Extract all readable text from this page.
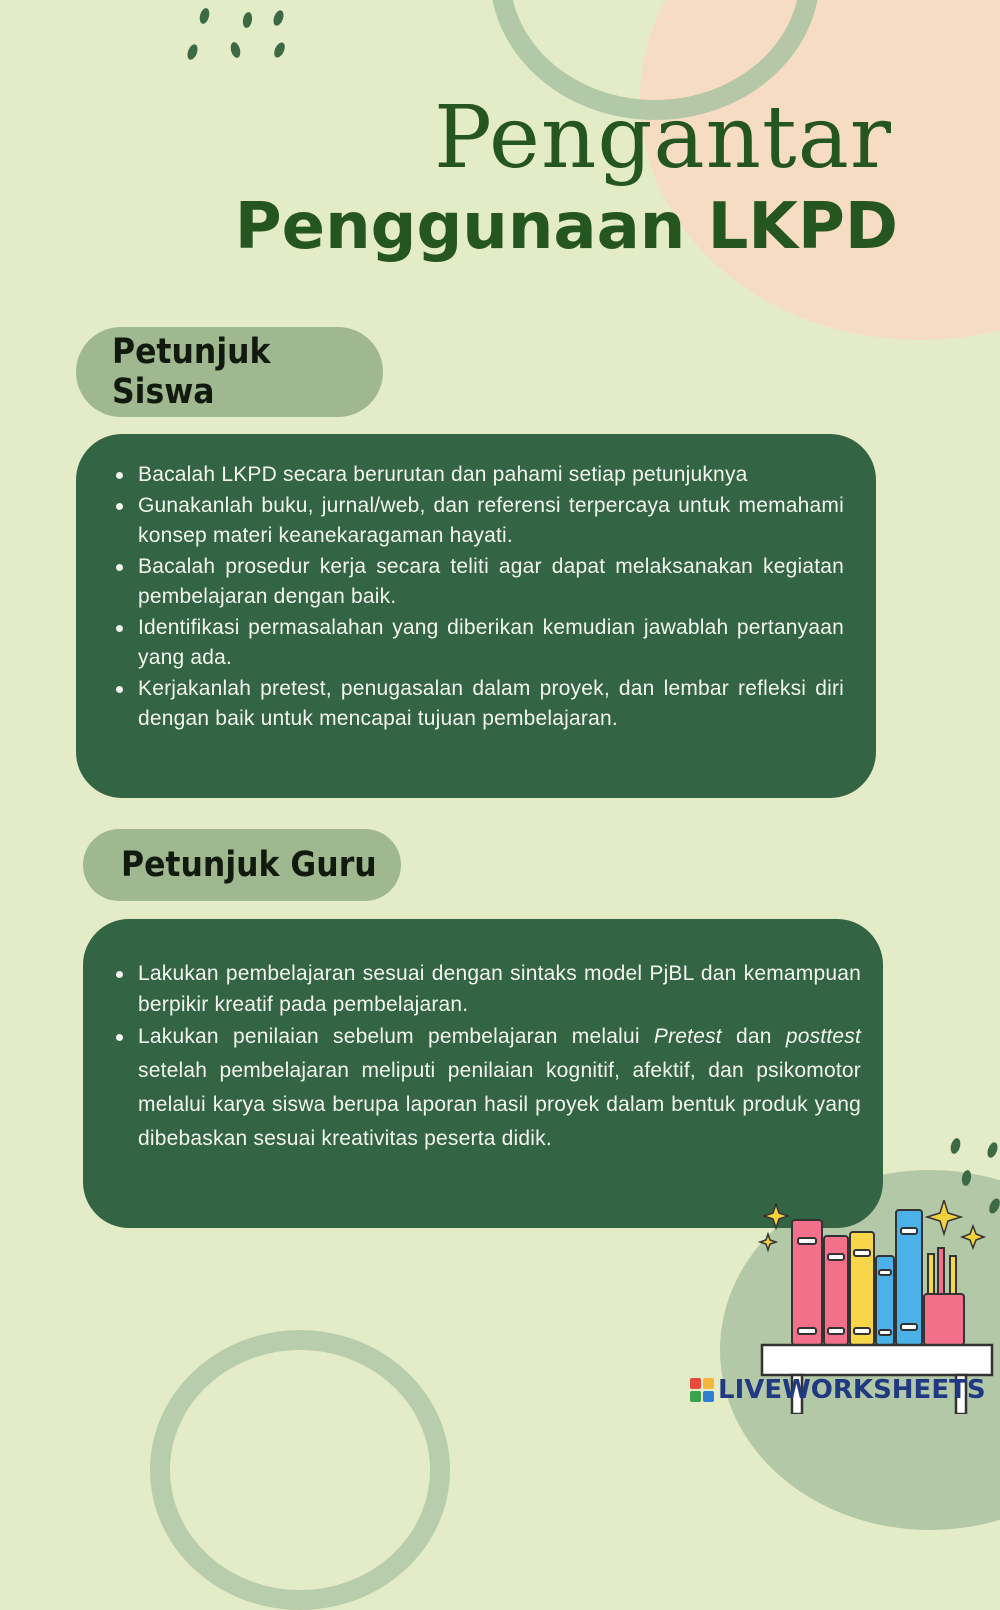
Pengantar
Penggunaan LKPD
Petunjuk Siswa
Bacalah LKPD secara berurutan dan pahami setiap petunjuknya
Gunakanlah buku, jurnal/web, dan referensi terpercaya untuk memahami konsep materi keanekaragaman hayati.
Bacalah prosedur kerja secara teliti agar dapat melaksanakan kegiatan pembelajaran dengan baik.
Identifikasi permasalahan yang diberikan kemudian jawablah pertanyaan yang ada.
Kerjakanlah pretest, penugasalan dalam proyek, dan lembar refleksi diri dengan baik untuk mencapai tujuan pembelajaran.
Petunjuk Guru
Lakukan pembelajaran sesuai dengan sintaks model PjBL dan kemampuan berpikir kreatif pada pembelajaran.
Lakukan penilaian sebelum pembelajaran melalui Pretest dan posttest setelah pembelajaran meliputi penilaian kognitif, afektif, dan psikomotor melalui karya siswa berupa laporan hasil proyek dalam bentuk produk yang dibebaskan sesuai kreativitas peserta didik.
LIVEWORKSHEETS
